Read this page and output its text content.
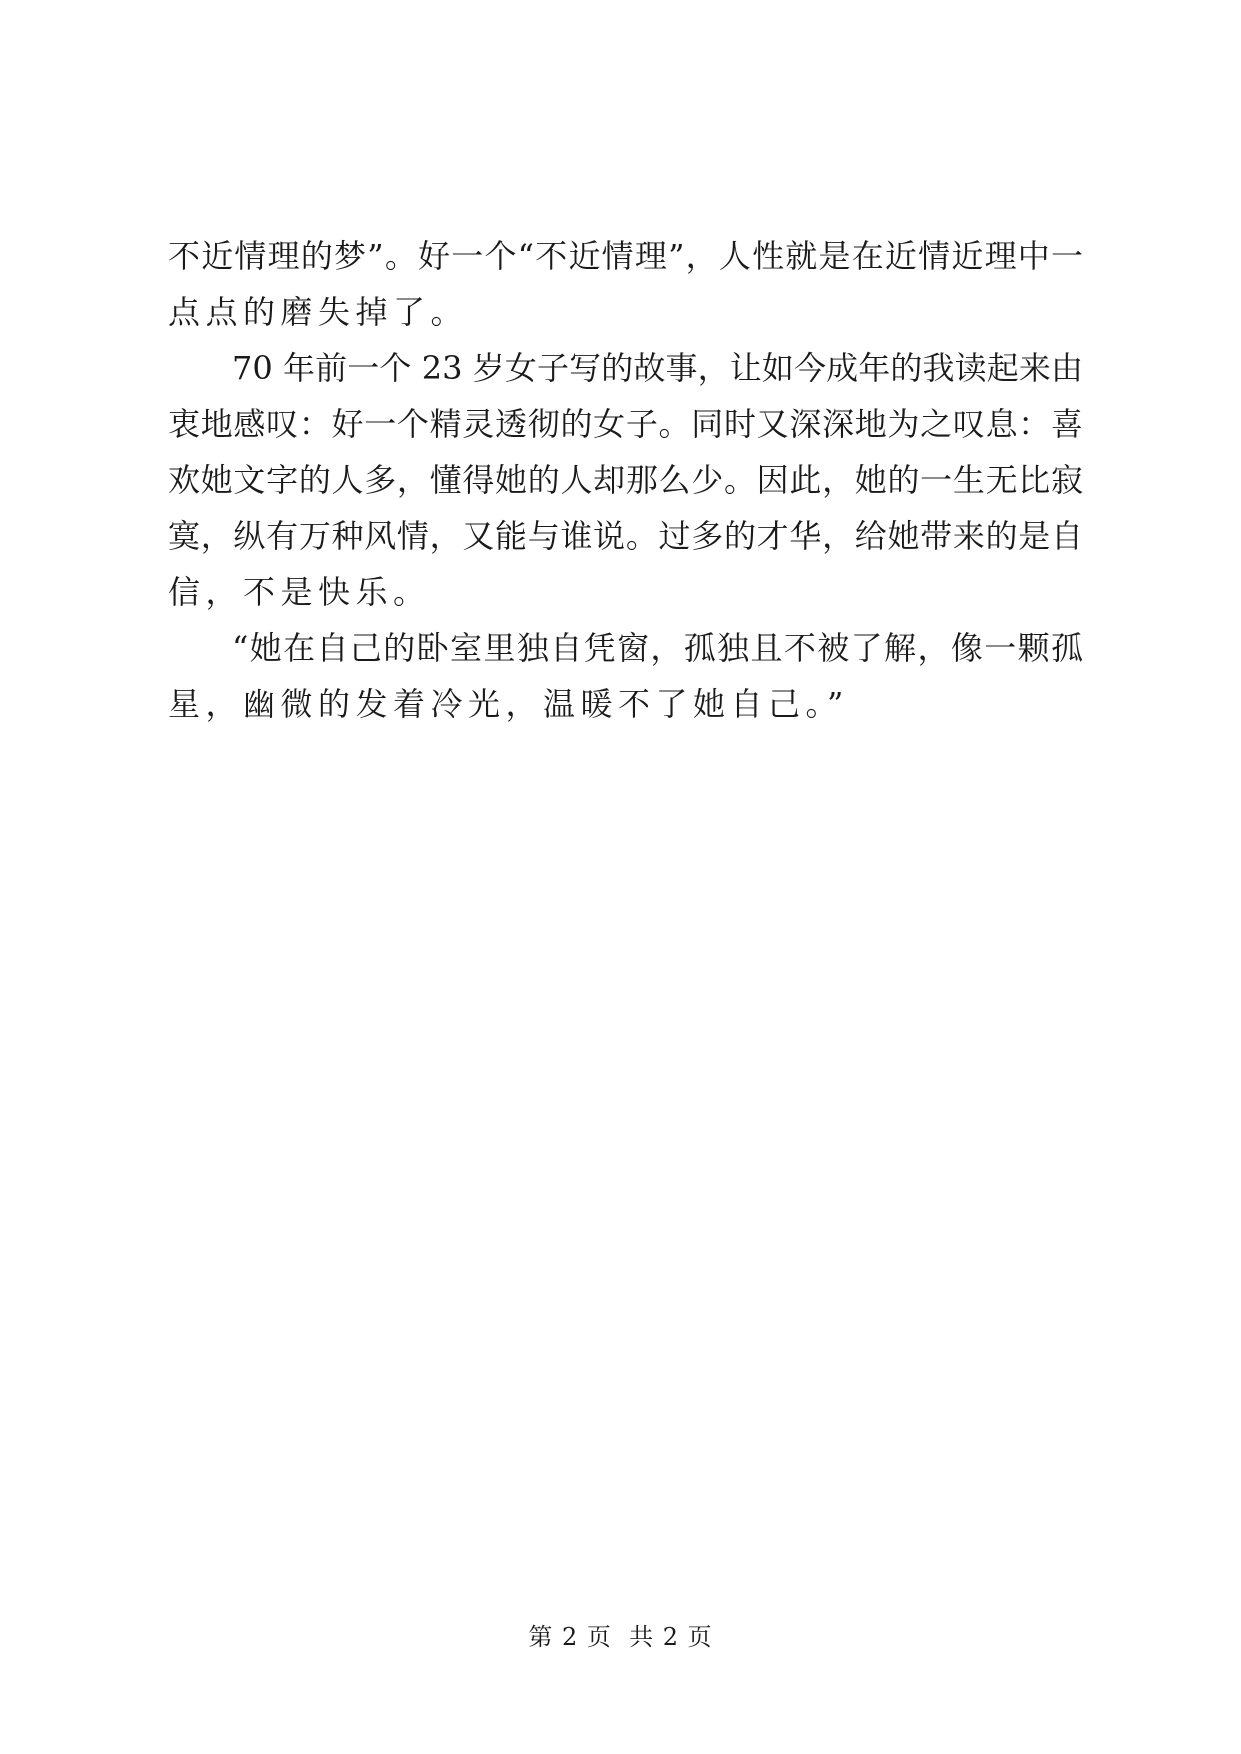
不近情理的梦”。好一个“不近情理”，人性就是在近情近理中一
点点的磨失掉了。
70 年前一个 23 岁女子写的故事，让如今成年的我读起来由
衷地感叹：好一个精灵透彻的女子。同时又深深地为之叹息：喜
欢她文字的人多，懂得她的人却那么少。因此，她的一生无比寂
寞，纵有万种风情，又能与谁说。过多的才华，给她带来的是自
信，不是快乐。
“她在自己的卧室里独自凭窗，孤独且不被了解，像一颗孤
星，幽微的发着冷光，温暖不了她自己。”
第 2 页 共 2 页
